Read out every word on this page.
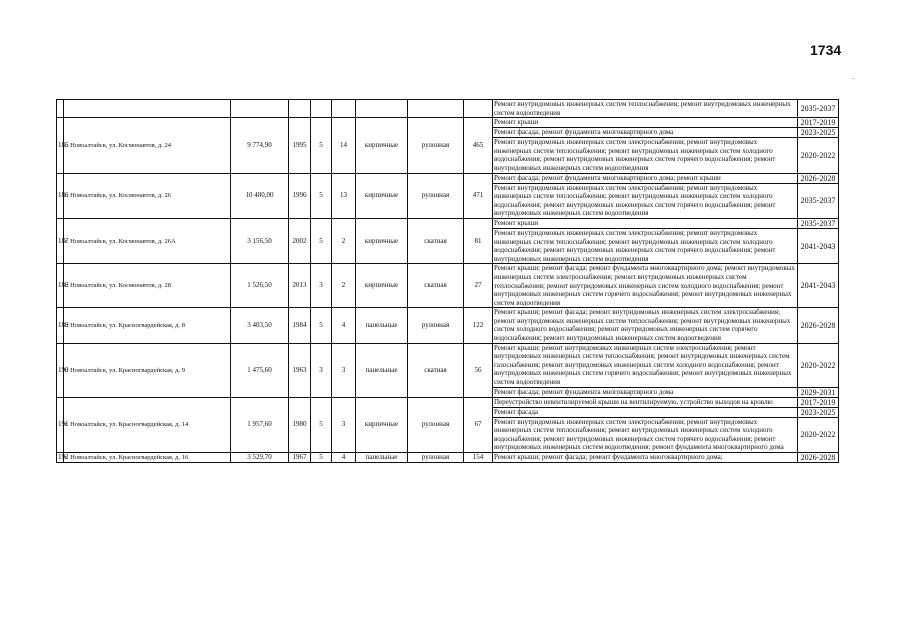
1734
-
									Ремонт внутридомовых инженерных систем теплоснабжения; ремонт внутридомовых инженерных систем водоотведения	2035-2037
185	г. Новоалтайск, ул. Космонавтов, д. 24	9 774,90	1995	5	14	кирпичные	рулонная	465	Ремонт крыши	2017-2019
									Ремонт фасада; ремонт фундамента многоквартирного дома	2023-2025
									Ремонт внутридомовых инженерных систем электроснабжения; ремонт внутридомовых инженерных систем теплоснабжения; ремонт внутридомовых инженерных систем холодного водоснабжения; ремонт внутридомовых инженерных систем горячего водоснабжения; ремонт внутридомовых инженерных систем водоотведения	2020-2022
186	г. Новоалтайск, ул. Космонавтов, д. 26	10 480,00	1996	5	13	кирпичные	рулонная	471	Ремонт фасада; ремонт фундамента многоквартирного дома; ремонт крыши	2026-2028
									Ремонт внутридомовых инженерных систем электроснабжения; ремонт внутридомовых инженерных систем теплоснабжения; ремонт внутридомовых инженерных систем холодного водоснабжения; ремонт внутридомовых инженерных систем горячего водоснабжения; ремонт внутридомовых инженерных систем водоотведения	2035-2037
187	г. Новоалтайск, ул. Космонавтов, д. 26А	3 156,50	2002	5	2	кирпичные	скатная	81	Ремонт крыши	2035-2037
									Ремонт внутридомовых инженерных систем электроснабжения; ремонт внутридомовых инженерных систем теплоснабжения; ремонт внутридомовых инженерных систем холодного водоснабжения; ремонт внутридомовых инженерных систем горячего водоснабжения; ремонт внутридомовых инженерных систем водоотведения	2041-2043
188	г. Новоалтайск, ул. Космонавтов, д. 28	1 526,50	2013	3	2	кирпичные	скатная	27	Ремонт крыши; ремонт фасада; ремонт фундамента многоквартирного дома; ремонт внутридомовых инженерных систем электроснабжения; ремонт внутридомовых инженерных систем теплоснабжения; ремонт внутридомовых инженерных систем холодного водоснабжения; ремонт внутридомовых инженерных систем горячего водоснабжения; ремонт внутридомовых инженерных систем водоотведения	2041-2043
189	г. Новоалтайск, ул. Красногвардейская, д. 8	3 403,50	1984	5	4	панельные	рулонная	122	Ремонт крыши; ремонт фасада; ремонт внутридомовых инженерных систем электроснабжения; ремонт внутридомовых инженерных систем теплоснабжения; ремонт внутридомовых инженерных систем холодного водоснабжения; ремонт внутридомовых инженерных систем горячего водоснабжения; ремонт внутридомовых инженерных систем водоотведения	2026-2028
190	г. Новоалтайск, ул. Красногвардейская, д. 9	1 475,60	1963	3	3	панельные	скатная	56	Ремонт крыши; ремонт внутридомовых инженерных систем электроснабжения; ремонт внутридомовых инженерных систем теплоснабжения; ремонт внутридомовых инженерных систем газоснабжения; ремонт внутридомовых инженерных систем холодного водоснабжения; ремонт внутридомовых инженерных систем горячего водоснабжения; ремонт внутридомовых инженерных систем водоотведения	2020-2022
									Ремонт фасада; ремонт фундамента многоквартирного дома	2029-2031
191	г. Новоалтайск, ул. Красногвардейская, д. 14	1 957,60	1980	5	3	кирпичные	рулонная	67	Переустройство невентилируемой крыши на вентилируемую, устройство выходов на кровлю	2017-2019
									Ремонт фасада	2023-2025
									Ремонт внутридомовых инженерных систем электроснабжения; ремонт внутридомовых инженерных систем теплоснабжения; ремонт внутридомовых инженерных систем холодного водоснабжения; ремонт внутридомовых инженерных систем горячего водоснабжения; ремонт внутридомовых инженерных систем водоотведения; ремонт фундамента многоквартирного дома	2020-2022
192	г. Новоалтайск, ул. Красногвардейская, д. 16	3 529,70	1967	5	4	панельные	рулонная	154	Ремонт крыши; ремонт фасада; ремонт фундамента многоквартирного дома;	2026-2028
